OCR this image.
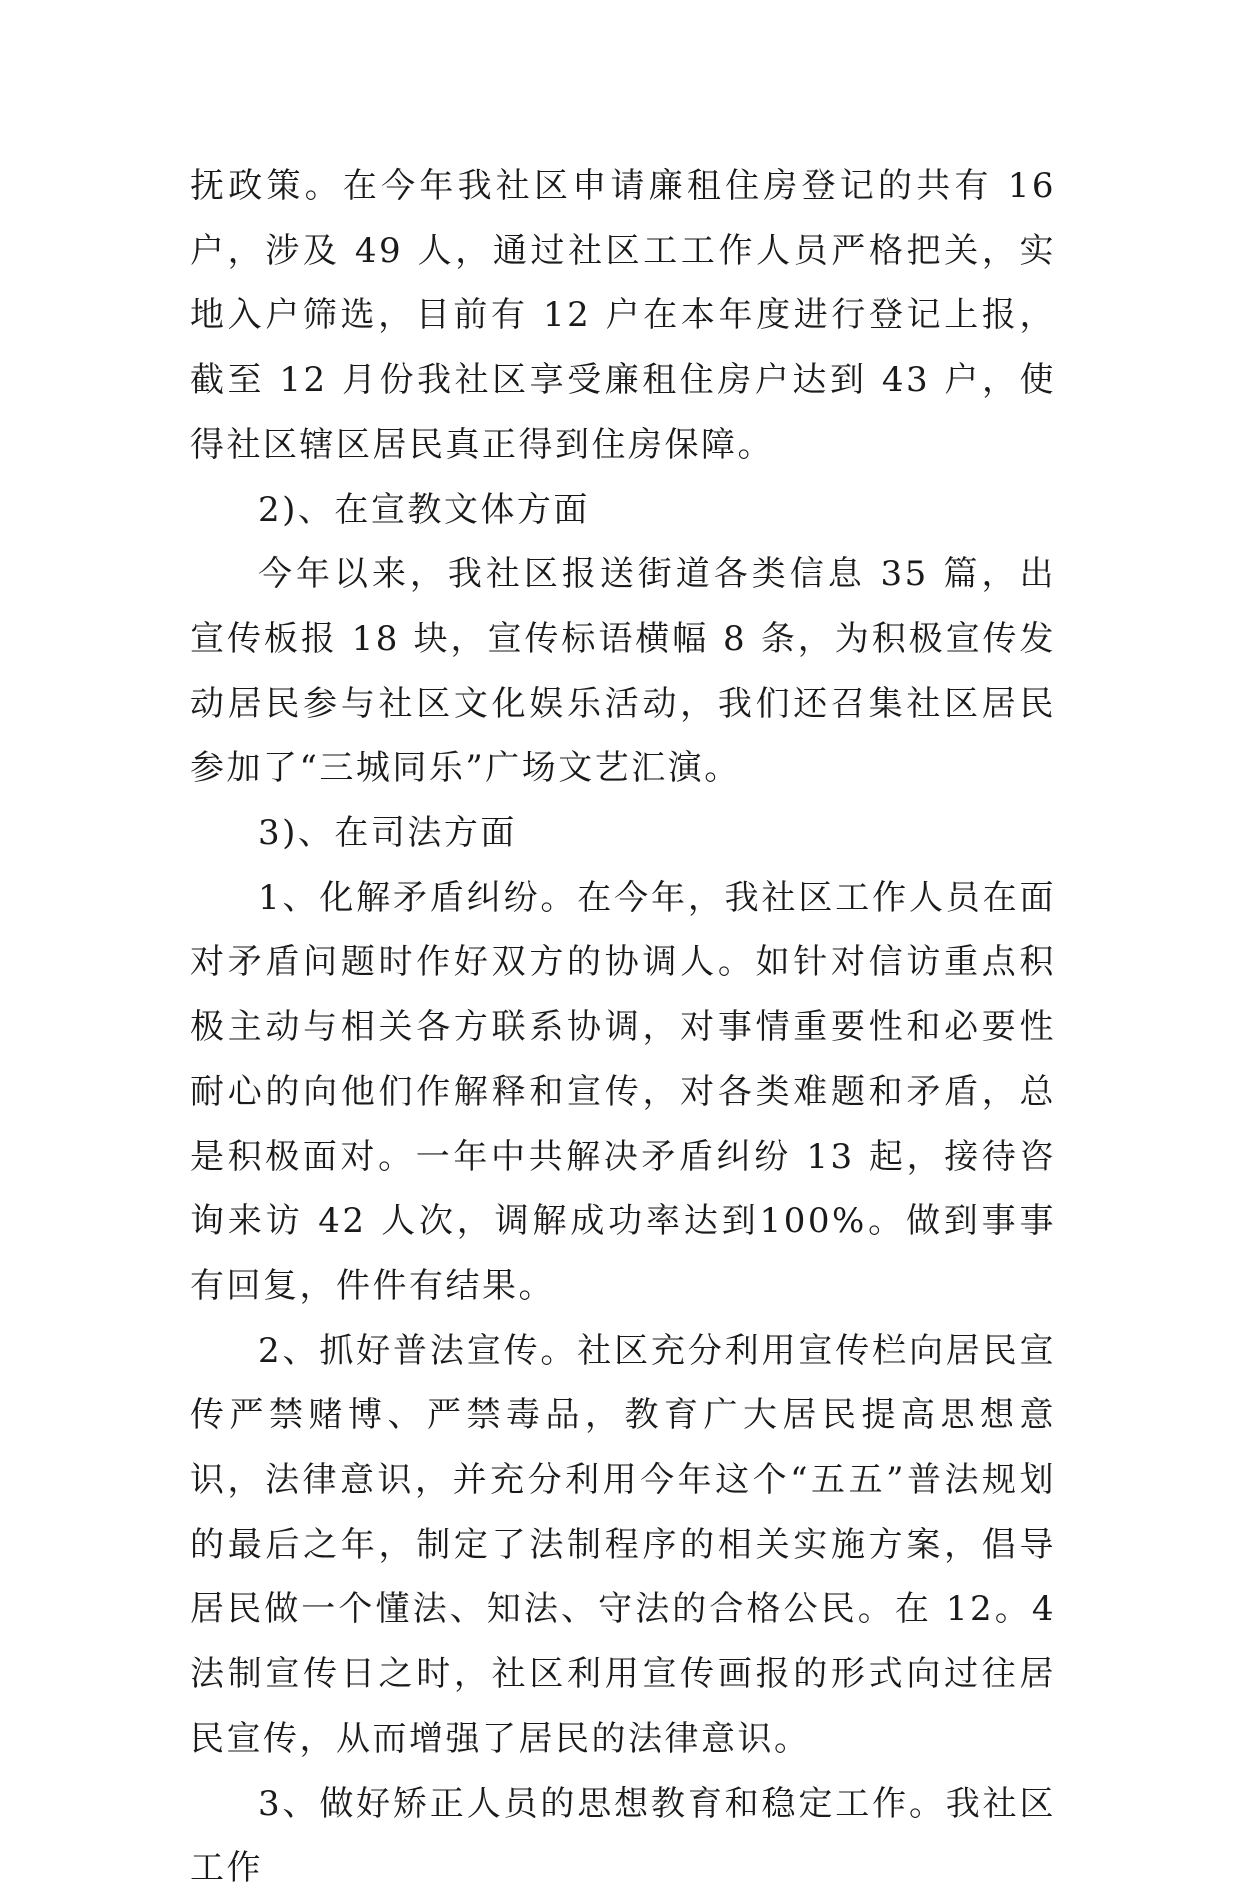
抚政策。在今年我社区申请廉租住房登记的共有 16 户，涉及 49 人，通过社区工工作人员严格把关，实地入户筛选，目前有 12 户在本年度进行登记上报，截至 12 月份我社区享受廉租住房户达到 43 户，使得社区辖区居民真正得到住房保障。

2)、在宣教文体方面

今年以来，我社区报送街道各类信息 35 篇，出宣传板报 18 块，宣传标语横幅 8 条，为积极宣传发动居民参与社区文化娱乐活动，我们还召集社区居民参加了“三城同乐”广场文艺汇演。

3)、在司法方面

1、化解矛盾纠纷。在今年，我社区工作人员在面对矛盾问题时作好双方的协调人。如针对信访重点积极主动与相关各方联系协调，对事情重要性和必要性耐心的向他们作解释和宣传，对各类难题和矛盾，总是积极面对。一年中共解决矛盾纠纷 13 起，接待咨询来访 42 人次，调解成功率达到100%。做到事事有回复，件件有结果。

2、抓好普法宣传。社区充分利用宣传栏向居民宣传严禁赌博、严禁毒品，教育广大居民提高思想意识，法律意识，并充分利用今年这个“五五”普法规划的最后之年，制定了法制程序的相关实施方案，倡导居民做一个懂法、知法、守法的合格公民。在 12。4 法制宣传日之时，社区利用宣传画报的形式向过往居民宣传，从而增强了居民的法律意识。

3、做好矫正人员的思想教育和稳定工作。我社区工作
